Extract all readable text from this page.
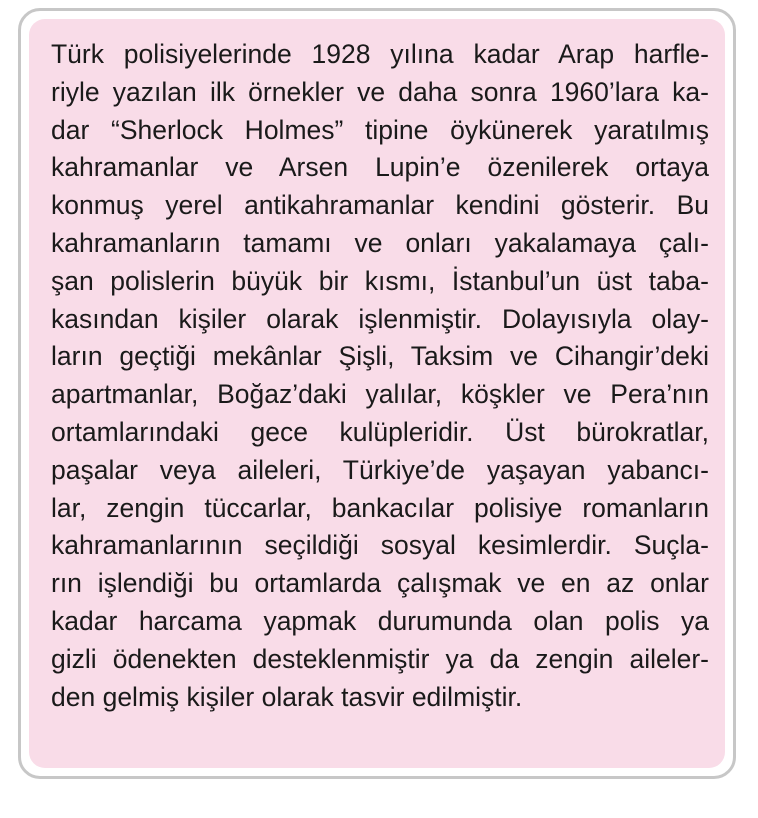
Türk polisiyelerinde 1928 yılına kadar Arap harfle-
riyle yazılan ilk örnekler ve daha sonra 1960’lara ka-
dar “Sherlock Holmes” tipine öykünerek yaratılmış
kahramanlar ve Arsen Lupin’e özenilerek ortaya
konmuş yerel antikahramanlar kendini gösterir. Bu
kahramanların tamamı ve onları yakalamaya çalı-
şan polislerin büyük bir kısmı, İstanbul’un üst taba-
kasından kişiler olarak işlenmiştir. Dolayısıyla olay-
ların geçtiği mekânlar Şişli, Taksim ve Cihangir’deki
apartmanlar, Boğaz’daki yalılar, köşkler ve Pera’nın
ortamlarındaki gece kulüpleridir. Üst bürokratlar,
paşalar veya aileleri, Türkiye’de yaşayan yabancı-
lar, zengin tüccarlar, bankacılar polisiye romanların
kahramanlarının seçildiği sosyal kesimlerdir. Suçla-
rın işlendiği bu ortamlarda çalışmak ve en az onlar
kadar harcama yapmak durumunda olan polis ya
gizli ödenekten desteklenmiştir ya da zengin aileler-
den gelmiş kişiler olarak tasvir edilmiştir.
